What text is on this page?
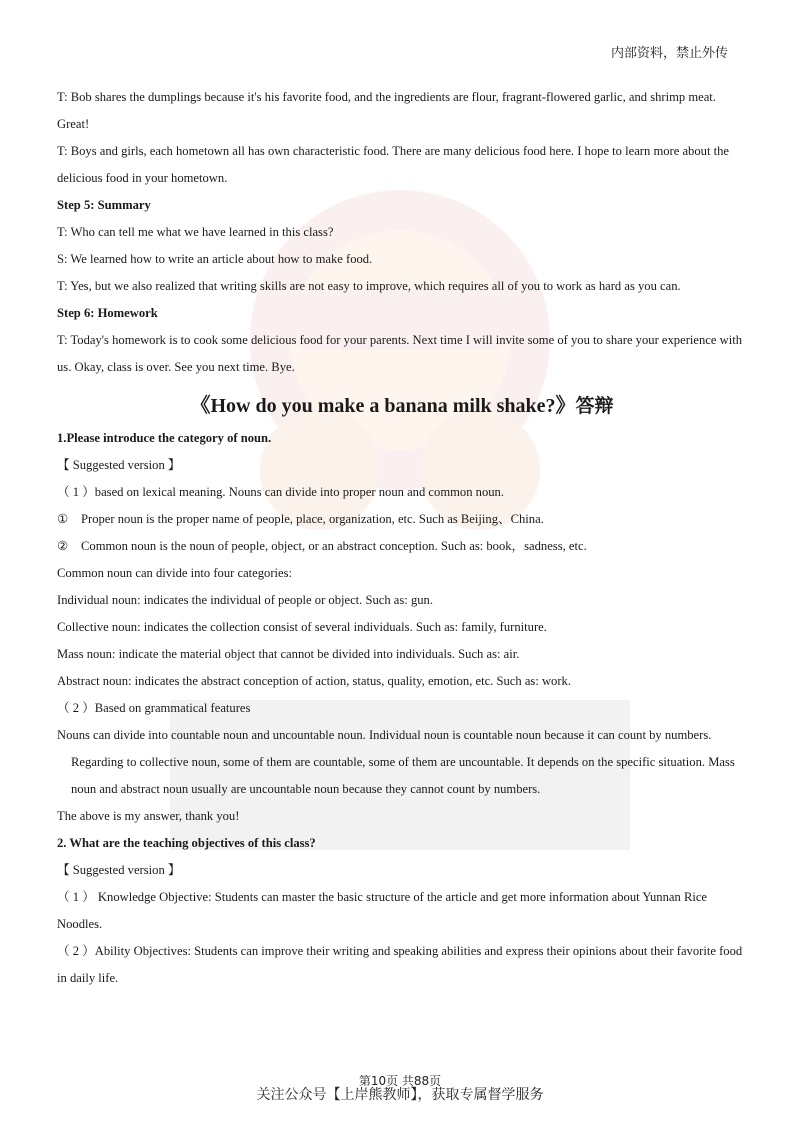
内部资料，禁止外传

T: Bob shares the dumplings because it's his favorite food, and the ingredients are flour, fragrant-flowered garlic, and shrimp meat. Great!

T: Boys and girls, each hometown all has own characteristic food. There are many delicious food here. I hope to learn more about the delicious food in your hometown.

Step 5: Summary

T: Who can tell me what we have learned in this class?

S: We learned how to write an article about how to make food.

T: Yes, but we also realized that writing skills are not easy to improve, which requires all of you to work as hard as you can.

Step 6: Homework

T: Today's homework is to cook some delicious food for your parents. Next time I will invite some of you to share your experience with us. Okay, class is over. See you next time. Bye.

《How do you make a banana milk shake?》答辩

1.Please introduce the category of noun.

【 Suggested version 】

（ 1 ）based on lexical meaning. Nouns can divide into proper noun and common noun.

① Proper noun is the proper name of people, place, organization, etc. Such as Beijing、China.

② Common noun is the noun of people, object, or an abstract conception. Such as: book，sadness, etc.

Common noun can divide into four categories:

Individual noun: indicates the individual of people or object. Such as: gun.

Collective noun: indicates the collection consist of several individuals. Such as: family, furniture.

Mass noun: indicate the material object that cannot be divided into individuals. Such as: air.

Abstract noun: indicates the abstract conception of action, status, quality, emotion, etc. Such as: work.

（ 2 ）Based on grammatical features

Nouns can divide into countable noun and uncountable noun. Individual noun is countable noun because it can count by numbers. Regarding to collective noun, some of them are countable, some of them are uncountable. It depends on the specific situation. Mass noun and abstract noun usually are uncountable noun because they cannot count by numbers.

The above is my answer, thank you!

2. What are the teaching objectives of this class?

【 Suggested version 】

（ 1 ） Knowledge Objective: Students can master the basic structure of the article and get more information about Yunnan Rice Noodles.

（ 2 ）Ability Objectives: Students can improve their writing and speaking abilities and express their opinions about their favorite food in daily life.

第10页 共88页
关注公众号【上岸熊教师】，获取专属督学服务
